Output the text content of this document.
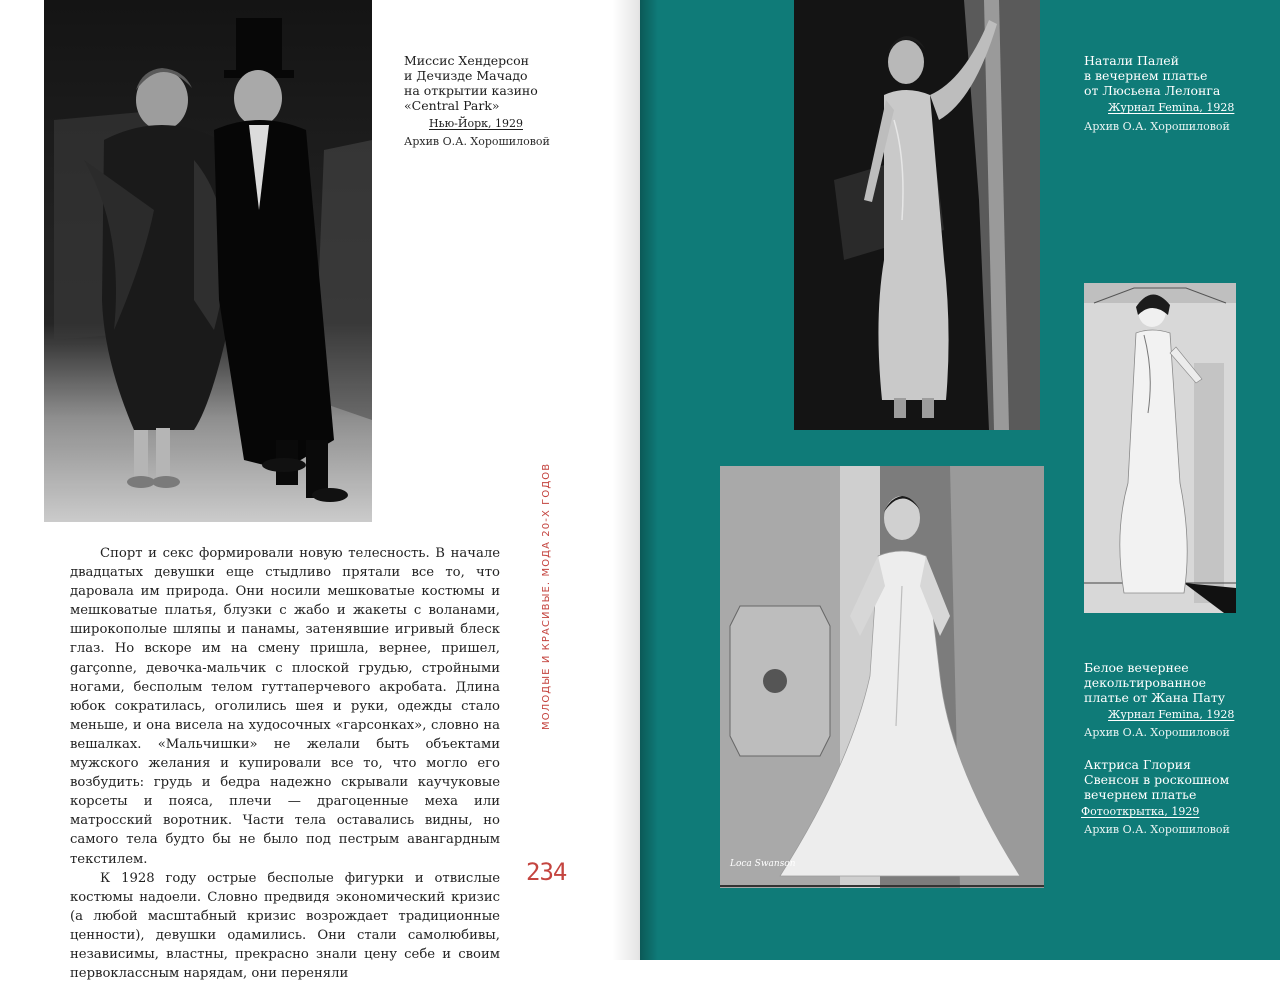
Миссис Хендерсон
и Дечизде Мачадо
на открытии казино
«Central Park»
Нью-Йорк, 1929
Архив О.А. Хорошиловой

Спорт и секс формировали новую телесность. В начале двадцатых девушки еще стыдливо прятали все то, что даровала им природа. Они носили мешковатые костюмы и мешковатые платья, блузки с жабо и жакеты с воланами, широкополые шляпы и панамы, затенявшие игривый блеск глаз. Но вскоре им на смену пришла, вернее, пришел, garçonne, девочка-мальчик с плоской грудью, стройными ногами, бесполым телом гуттаперчевого акробата. Длина юбок сократилась, оголились шея и руки, одежды стало меньше, и она висела на худосочных «гарсонках», словно на вешалках. «Мальчишки» не желали быть объектами мужского желания и купировали все то, что могло его возбудить: грудь и бедра надежно скрывали каучуковые корсеты и пояса, плечи — драгоценные меха или матросский воротник. Части тела оставались видны, но самого тела будто бы не было под пестрым авангардным текстилем.

К 1928 году острые бесполые фигурки и отвислые костюмы надоели. Словно предвидя экономический кризис (а любой масштабный кризис возрождает традиционные ценности), девушки одамились. Они стали самолюбивы, независимы, властны, прекрасно знали цену себе и своим первоклассным нарядам, они переняли

МОЛОДЫЕ И КРАСИВЫЕ. МОДА 20-Х ГОДОВ
234	Loca Swanson
Натали Палей
в вечернем платье
от Люсьена Лелонга
Журнал Femina, 1928
Архив О.А. Хорошиловой
Белое вечернее
декольтированное
платье от Жана Пату
Журнал Femina, 1928
Архив О.А. Хорошиловой
Актриса Глория
Свенсон в роскошном
вечернем платье
Фотооткрытка, 1929
Архив О.А. Хорошиловой
